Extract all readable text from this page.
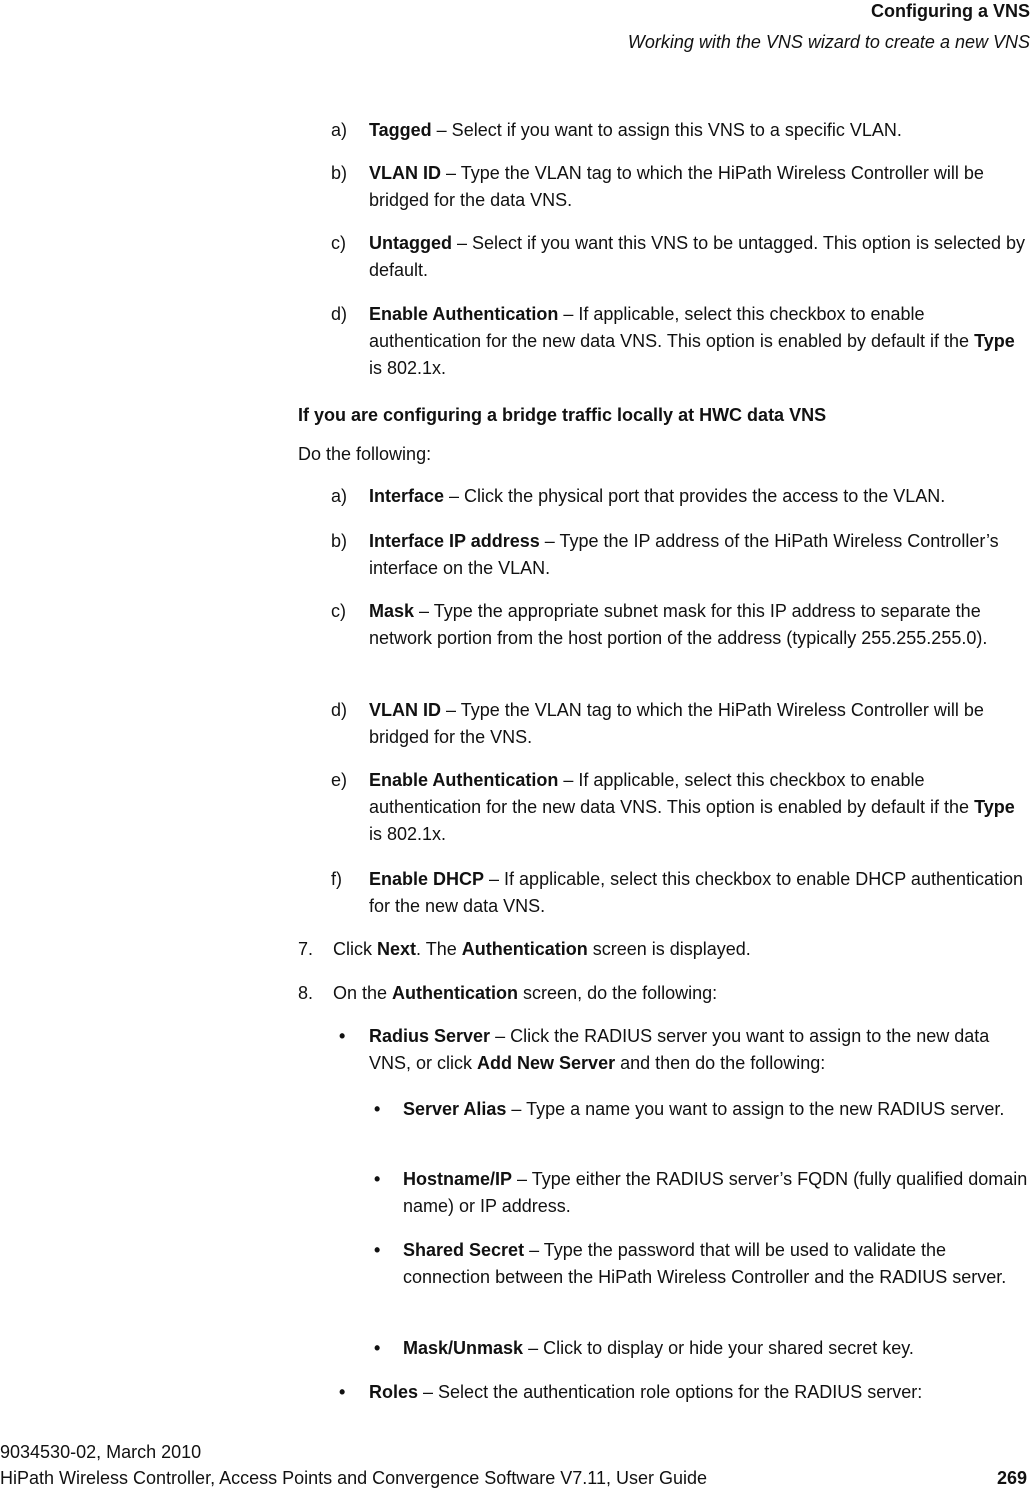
Configuring a VNS
Working with the VNS wizard to create a new VNS
a) Tagged – Select if you want to assign this VNS to a specific VLAN.
b) VLAN ID – Type the VLAN tag to which the HiPath Wireless Controller will be bridged for the data VNS.
c) Untagged – Select if you want this VNS to be untagged. This option is selected by default.
d) Enable Authentication – If applicable, select this checkbox to enable authentication for the new data VNS. This option is enabled by default if the Type is 802.1x.
If you are configuring a bridge traffic locally at HWC data VNS
Do the following:
a) Interface – Click the physical port that provides the access to the VLAN.
b) Interface IP address – Type the IP address of the HiPath Wireless Controller’s interface on the VLAN.
c) Mask – Type the appropriate subnet mask for this IP address to separate the network portion from the host portion of the address (typically 255.255.255.0).
d) VLAN ID – Type the VLAN tag to which the HiPath Wireless Controller will be bridged for the VNS.
e) Enable Authentication – If applicable, select this checkbox to enable authentication for the new data VNS. This option is enabled by default if the Type is 802.1x.
f) Enable DHCP – If applicable, select this checkbox to enable DHCP authentication for the new data VNS.
7. Click Next. The Authentication screen is displayed.
8. On the Authentication screen, do the following:
• Radius Server – Click the RADIUS server you want to assign to the new data VNS, or click Add New Server and then do the following:
• Server Alias – Type a name you want to assign to the new RADIUS server.
• Hostname/IP – Type either the RADIUS server’s FQDN (fully qualified domain name) or IP address.
• Shared Secret – Type the password that will be used to validate the connection between the HiPath Wireless Controller and the RADIUS server.
• Mask/Unmask – Click to display or hide your shared secret key.
• Roles – Select the authentication role options for the RADIUS server:
9034530-02, March 2010
HiPath Wireless Controller, Access Points and Convergence Software V7.11, User Guide	269
